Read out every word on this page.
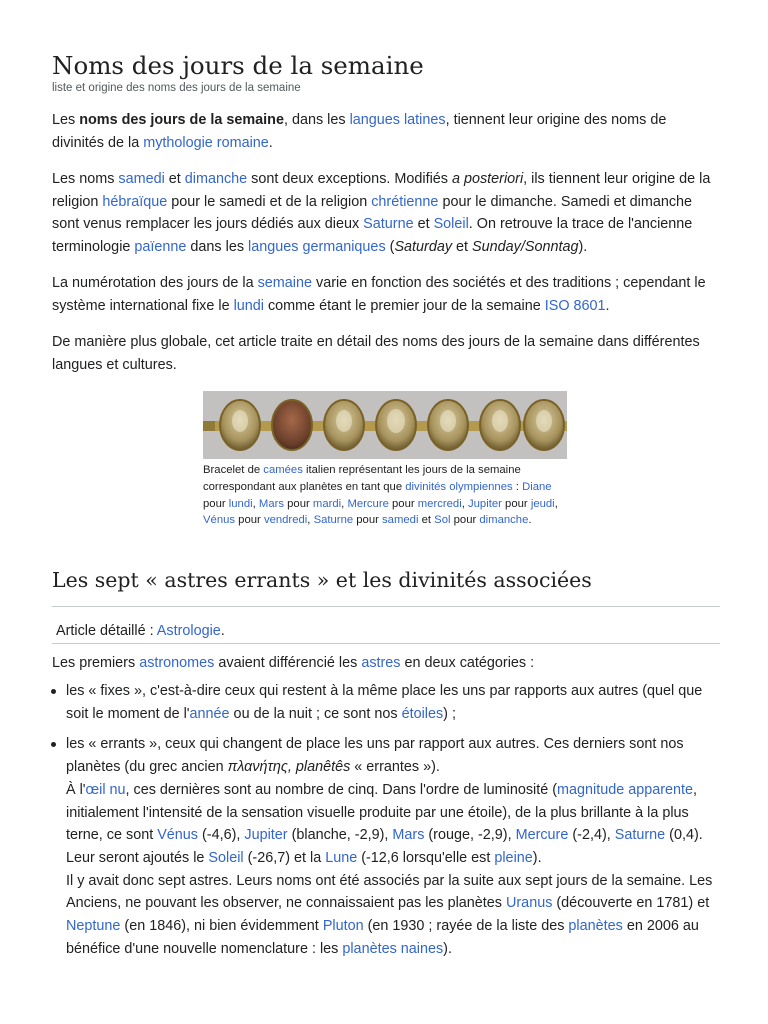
Noms des jours de la semaine
liste et origine des noms des jours de la semaine

Les noms des jours de la semaine, dans les langues latines, tiennent leur origine des noms de divinités de la mythologie romaine.

Les noms samedi et dimanche sont deux exceptions. Modifiés a posteriori, ils tiennent leur origine de la religion hébraïque pour le samedi et de la religion chrétienne pour le dimanche. Samedi et dimanche sont venus remplacer les jours dédiés aux dieux Saturne et Soleil. On retrouve la trace de l'ancienne terminologie païenne dans les langues germaniques (Saturday et Sunday/Sonntag).

La numérotation des jours de la semaine varie en fonction des sociétés et des traditions ; cependant le système international fixe le lundi comme étant le premier jour de la semaine ISO 8601.

De manière plus globale, cet article traite en détail des noms des jours de la semaine dans différentes langues et cultures.

Bracelet de camées italien représentant les jours de la semaine correspondant aux planètes en tant que divinités olympiennes : Diane pour lundi, Mars pour mardi, Mercure pour mercredi, Jupiter pour jeudi, Vénus pour vendredi, Saturne pour samedi et Sol pour dimanche.
Les sept « astres errants » et les divinités associées
Article détaillé : Astrologie.

Les premiers astronomes avaient différencié les astres en deux catégories :

les « fixes », c'est-à-dire ceux qui restent à la même place les uns par rapports aux autres (quel que soit le moment de l'année ou de la nuit ; ce sont nos étoiles) ;
les « errants », ceux qui changent de place les uns par rapport aux autres. Ces derniers sont nos planètes (du grec ancien πλανήτης, planêtês « errantes »).
À l'œil nu, ces dernières sont au nombre de cinq. Dans l'ordre de luminosité (magnitude apparente, initialement l'intensité de la sensation visuelle produite par une étoile), de la plus brillante à la plus terne, ce sont Vénus (-4,6), Jupiter (blanche, -2,9), Mars (rouge, -2,9), Mercure (-2,4), Saturne (0,4). Leur seront ajoutés le Soleil (-26,7) et la Lune (-12,6 lorsqu'elle est pleine).
Il y avait donc sept astres. Leurs noms ont été associés par la suite aux sept jours de la semaine. Les Anciens, ne pouvant les observer, ne connaissaient pas les planètes Uranus (découverte en 1781) et Neptune (en 1846), ni bien évidemment Pluton (en 1930 ; rayée de la liste des planètes en 2006 au bénéfice d'une nouvelle nomenclature : les planètes naines).
